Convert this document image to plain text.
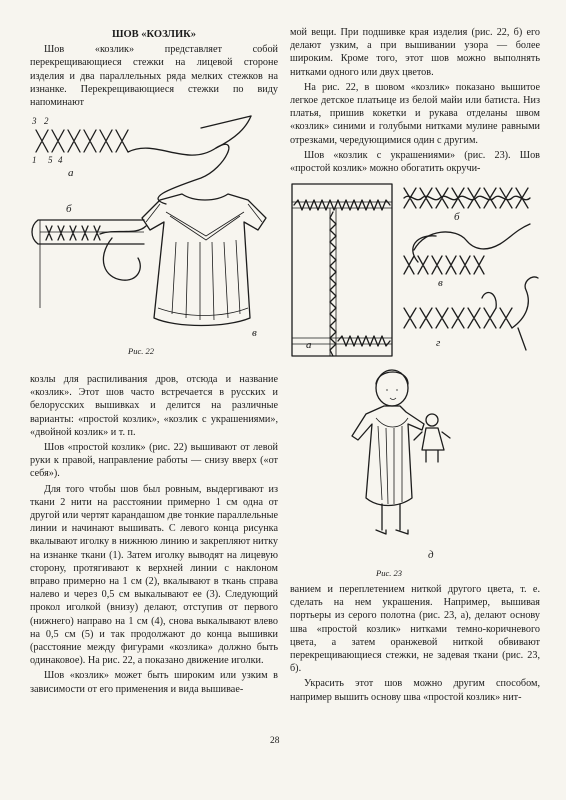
ШОВ «КОЗЛИК»

Шов «козлик» представляет собой перекрещивающиеся стежки на лицевой стороне изделия и два параллельных ряда мелких стежков на изнанке. Перекрещивающиеся стежки по виду напоминают

3 2
1 5 4
а
б
в
Рис. 22

козлы для распиливания дров, отсюда и название «козлик». Этот шов часто встречается в русских и белорусских вышивках и делится на различные варианты: «простой козлик», «козлик с украшениями», «двойной козлик» и т. п.

Шов «простой козлик» (рис. 22) вышивают от левой руки к правой, направление работы — снизу вверх («от себя»).

Для того чтобы шов был ровным, выдергивают из ткани 2 нити на расстоянии примерно 1 см одна от другой или чертят карандашом две тонкие параллельные линии и начинают вышивать. С левого конца рисунка вкалывают иголку в нижнюю линию и закрепляют нитку на изнанке ткани (1). Затем иголку выводят на лицевую сторону, протягивают к верхней линии с наклоном вправо примерно на 1 см (2), вкалывают в ткань справа налево и через 0,5 см выкалывают ее (3). Следующий прокол иголкой (внизу) делают, отступив от первого (нижнего) направо на 1 см (4), снова выкалывают влево на 0,5 см (5) и так продолжают до конца вышивки (расстояние между фигурами «козлика» должно быть одинаковое). На рис. 22, а показано движение иголки.

Шов «козлик» может быть широким или узким в зависимости от его применения и вида вышивае-

мой вещи. При подшивке края изделия (рис. 22, б) его делают узким, а при вышивании узора — более широким. Кроме того, этот шов можно выполнять нитками одного или двух цветов.

На рис. 22, в шовом «козлик» показано вышитое легкое детское платьице из белой майи или батиста. Низ платья, пришив кокетки и рукава отделаны швом «козлик» синими и голубыми нитками мулине равными отрезками, чередующимися один с другим.

Шов «козлик с украшениями» (рис. 23). Шов «простой козлик» можно обогатить окручи-

а
б
в
г
д
Рис. 23

ванием и переплетением ниткой другого цвета, т. е. сделать на нем украшения. Например, вышивая портьеры из серого полотна (рис. 23, а), делают основу шва «простой козлик» нитками темно-коричневого цвета, а затем оранжевой ниткой обвивают перекрещивающиеся стежки, не задевая ткани (рис. 23, б).

Украсить этот шов можно другим способом, например вышить основу шва «простой козлик» нит-

28
